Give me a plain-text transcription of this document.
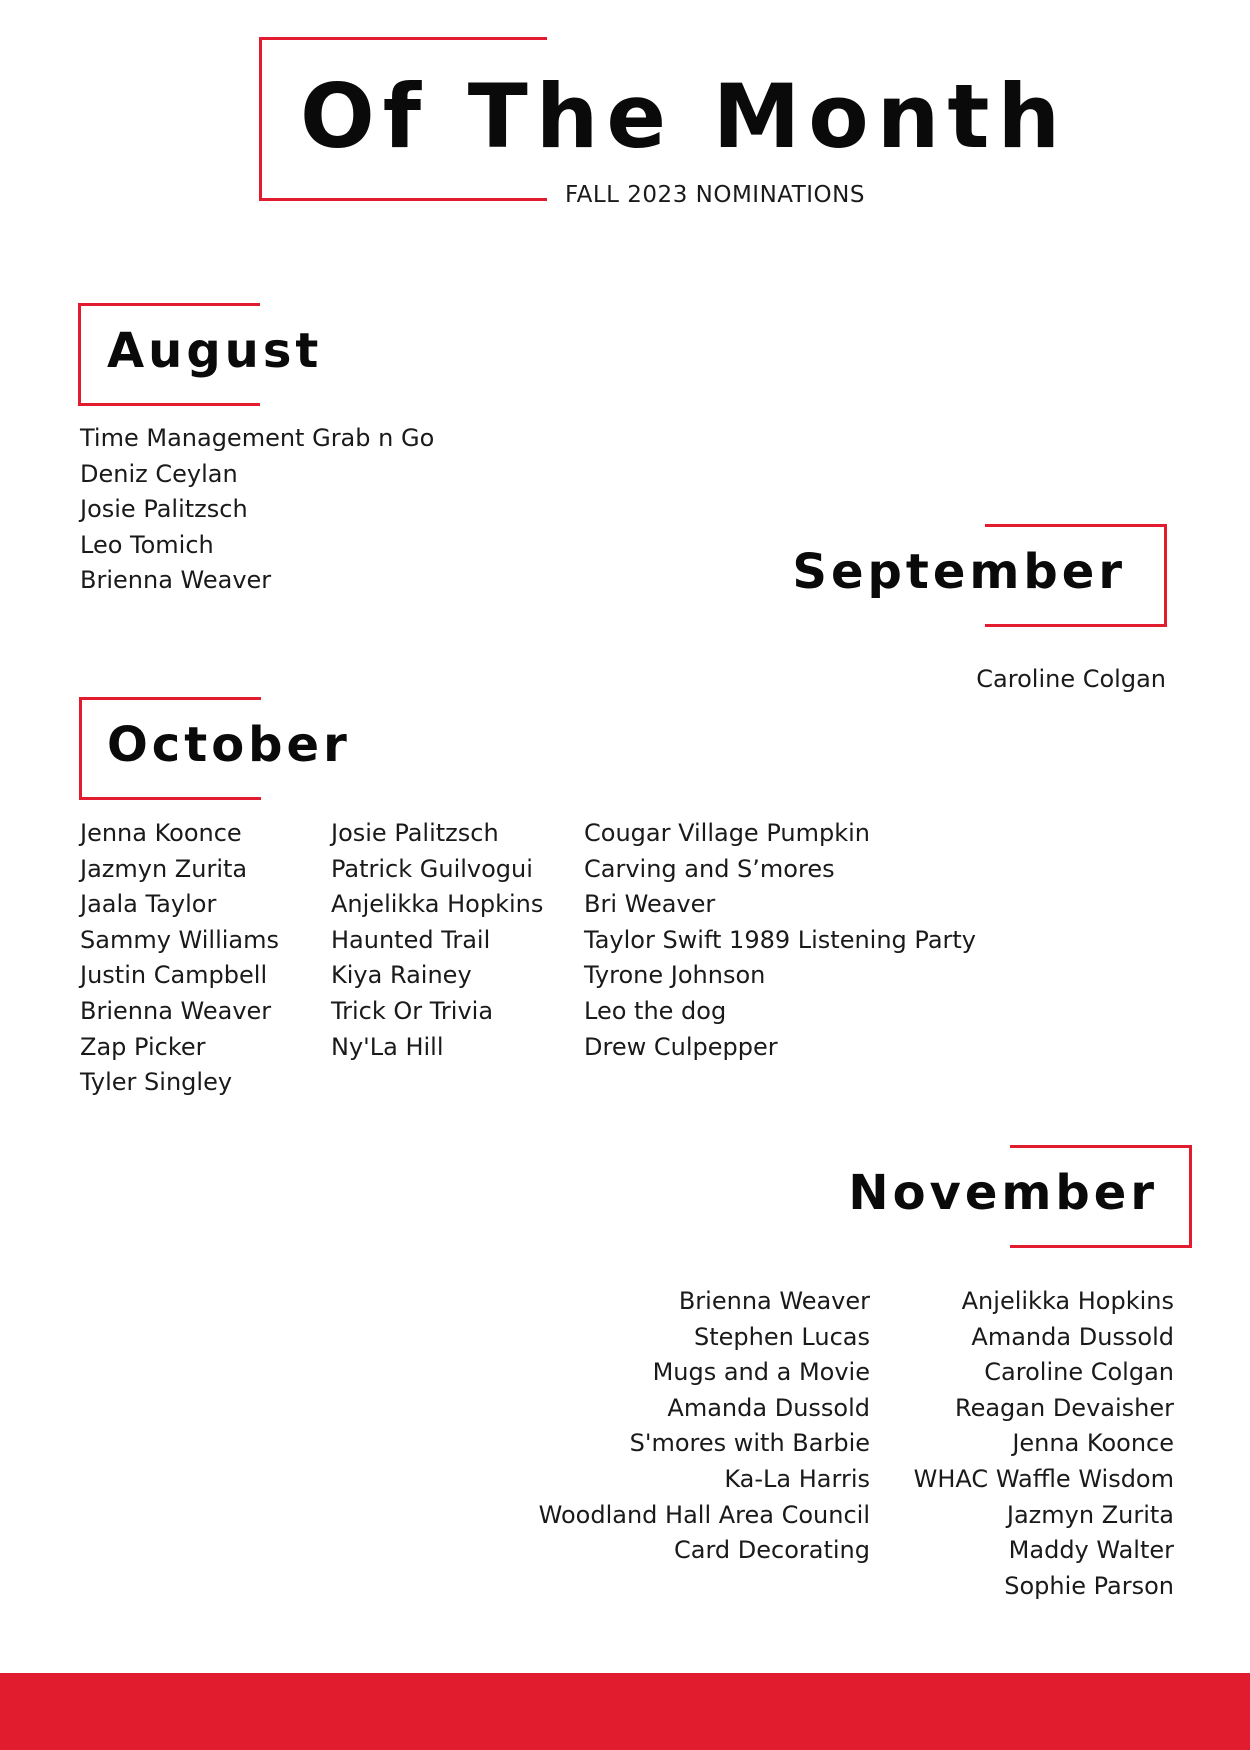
Of The Month

FALL 2023 NOMINATIONS

August
Time Management Grab n Go
Deniz Ceylan
Josie Palitzsch
Leo Tomich
Brienna Weaver	September
Caroline Colgan
October
Jenna Koonce
Jazmyn Zurita
Jaala Taylor
Sammy Williams
Justin Campbell
Brienna Weaver
Zap Picker
Tyler Singley
Josie Palitzsch
Patrick Guilvogui
Anjelikka Hopkins
Haunted Trail
Kiya Rainey
Trick Or Trivia
Ny'La Hill
Cougar Village Pumpkin
Carving and S’mores
Bri Weaver
Taylor Swift 1989 Listening Party
Tyrone Johnson
Leo the dog
Drew Culpepper
November
Brienna Weaver
Stephen Lucas
Mugs and a Movie
Amanda Dussold
S'mores with Barbie
Ka-La Harris
Woodland Hall Area Council
Card Decorating
Anjelikka Hopkins
Amanda Dussold
Caroline Colgan
Reagan Devaisher
Jenna Koonce
WHAC Waffle Wisdom
Jazmyn Zurita
Maddy Walter
Sophie Parson
